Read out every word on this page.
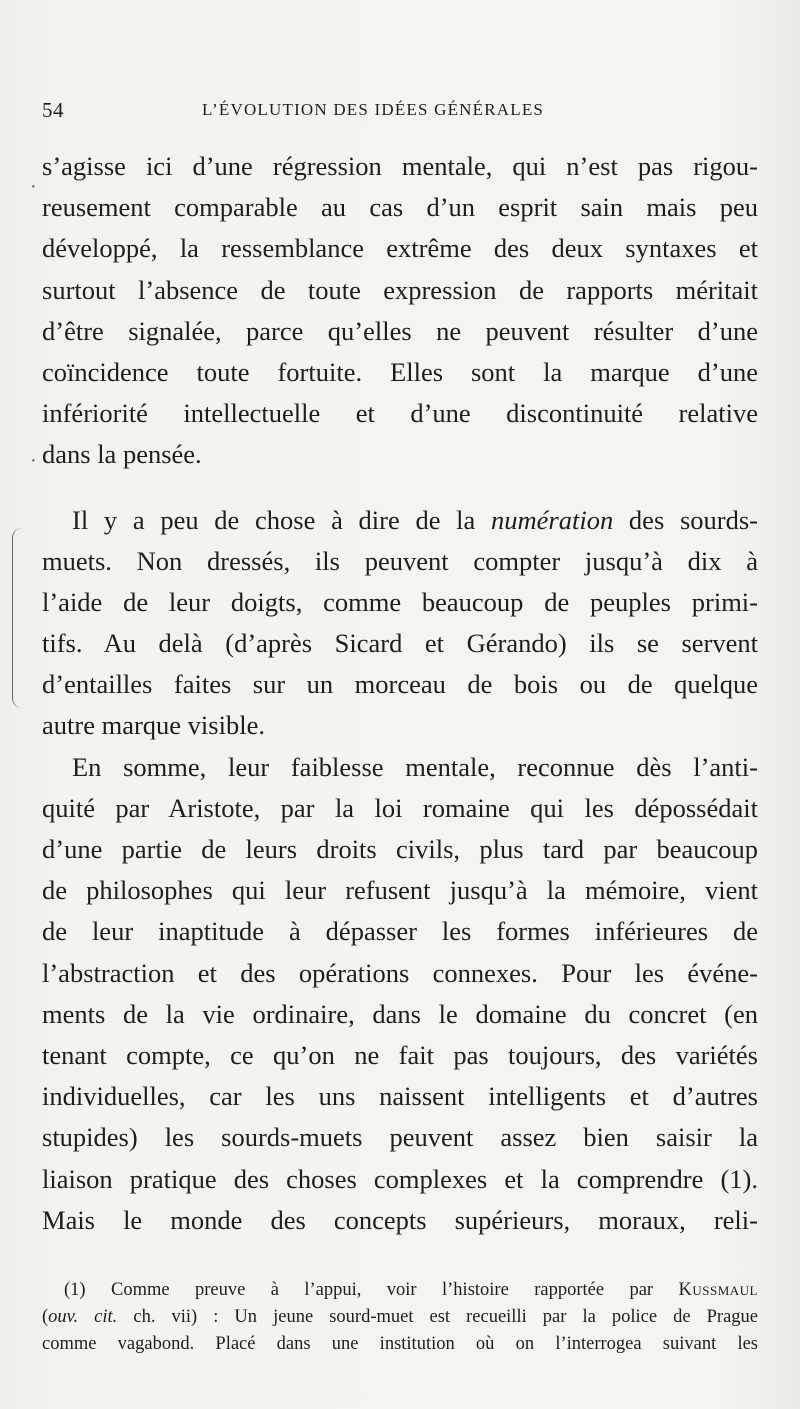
54	L’ÉVOLUTION DES IDÉES GÉNÉRALES
·
·
s’agisse ici d’une régression mentale, qui n’est pas rigou-
reusement comparable au cas d’un esprit sain mais peu
développé, la ressemblance extrême des deux syntaxes et
surtout l’absence de toute expression de rapports méritait
d’être signalée, parce qu’elles ne peuvent résulter d’une
coïncidence toute fortuite. Elles sont la marque d’une
infériorité intellectuelle et d’une discontinuité relative
dans la pensée.
Il y a peu de chose à dire de la numération des sourds-
muets. Non dressés, ils peuvent compter jusqu’à dix à
l’aide de leur doigts, comme beaucoup de peuples primi-
tifs. Au delà (d’après Sicard et Gérando) ils se servent
d’entailles faites sur un morceau de bois ou de quelque
autre marque visible.
En somme, leur faiblesse mentale, reconnue dès l’anti-
quité par Aristote, par la loi romaine qui les dépossédait
d’une partie de leurs droits civils, plus tard par beaucoup
de philosophes qui leur refusent jusqu’à la mémoire, vient
de leur inaptitude à dépasser les formes inférieures de
l’abstraction et des opérations connexes. Pour les événe-
ments de la vie ordinaire, dans le domaine du concret (en
tenant compte, ce qu’on ne fait pas toujours, des variétés
individuelles, car les uns naissent intelligents et d’autres
stupides) les sourds-muets peuvent assez bien saisir la
liaison pratique des choses complexes et la comprendre (1).
Mais le monde des concepts supérieurs, moraux, reli-
(1) Comme preuve à l’appui, voir l’histoire rapportée par Kussmaul
(ouv. cit. ch. vii) : Un jeune sourd-muet est recueilli par la police de Prague
comme vagabond. Placé dans une institution où on l’interrogea suivant les
